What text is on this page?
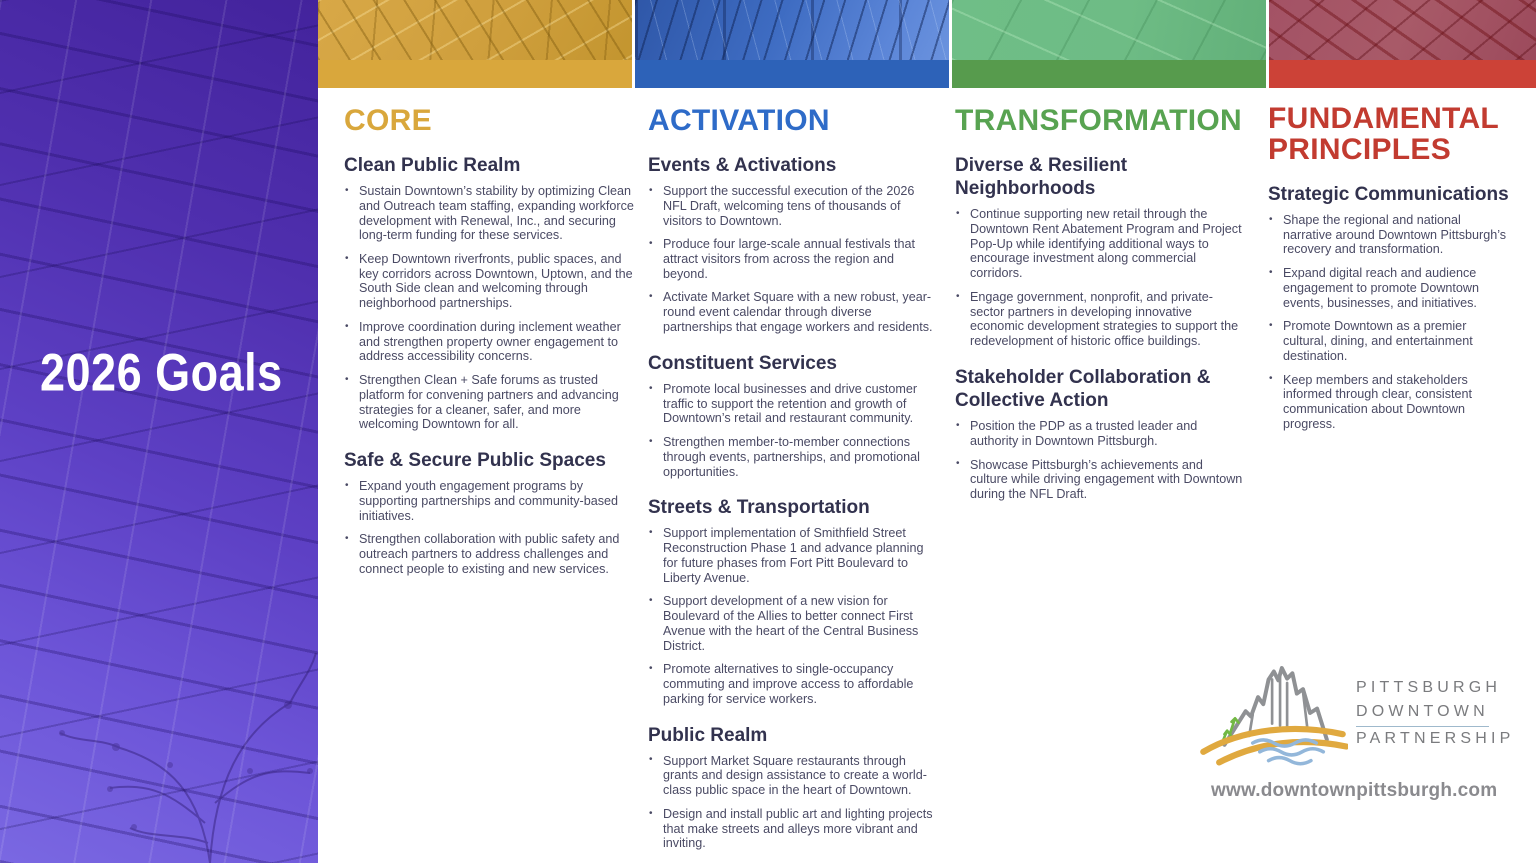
2026 Goals
CORE
Clean Public Realm
• Sustain Downtown’s stability by optimizing Clean and Outreach team staffing, expanding workforce development with Renewal, Inc., and securing long-term funding for these services.
• Keep Downtown riverfronts, public spaces, and key corridors across Downtown, Uptown, and the South Side clean and welcoming through neighborhood partnerships.
• Improve coordination during inclement weather and strengthen property owner engagement to address accessibility concerns.
• Strengthen Clean + Safe forums as trusted platform for convening partners and advancing strategies for a cleaner, safer, and more welcoming Downtown for all.
Safe & Secure Public Spaces
• Expand youth engagement programs by supporting partnerships and community-based initiatives.
• Strengthen collaboration with public safety and outreach partners to address challenges and connect people to existing and new services.
ACTIVATION
Events & Activations
• Support the successful execution of the 2026 NFL Draft, welcoming tens of thousands of visitors to Downtown.
• Produce four large-scale annual festivals that attract visitors from across the region and beyond.
• Activate Market Square with a new robust, year-round event calendar through diverse partnerships that engage workers and residents.
Constituent Services
• Promote local businesses and drive customer traffic to support the retention and growth of Downtown’s retail and restaurant community.
• Strengthen member-to-member connections through events, partnerships, and promotional opportunities.
Streets & Transportation
• Support implementation of Smithfield Street Reconstruction Phase 1 and advance planning for future phases from Fort Pitt Boulevard to Liberty Avenue.
• Support development of a new vision for Boulevard of the Allies to better connect First Avenue with the heart of the Central Business District.
• Promote alternatives to single-occupancy commuting and improve access to affordable parking for service workers.
Public Realm
• Support Market Square restaurants through grants and design assistance to create a world-class public space in the heart of Downtown.
• Design and install public art and lighting projects that make streets and alleys more vibrant and inviting.
TRANSFORMATION
Diverse & Resilient Neighborhoods
• Continue supporting new retail through the Downtown Rent Abatement Program and Project Pop-Up while identifying additional ways to encourage investment along commercial corridors.
• Engage government, nonprofit, and private-sector partners in developing innovative economic development strategies to support the redevelopment of historic office buildings.
Stakeholder Collaboration & Collective Action
• Position the PDP as a trusted leader and authority in Downtown Pittsburgh.
• Showcase Pittsburgh’s achievements and culture while driving engagement with Downtown during the NFL Draft.
FUNDAMENTAL PRINCIPLES
Strategic Communications
• Shape the regional and national narrative around Downtown Pittsburgh’s recovery and transformation.
• Expand digital reach and audience engagement to promote Downtown events, businesses, and initiatives.
• Promote Downtown as a premier cultural, dining, and entertainment destination.
• Keep members and stakeholders informed through clear, consistent communication about Downtown progress.
PITTSBURGH
DOWNTOWN
PARTNERSHIP
www.downtownpittsburgh.com
